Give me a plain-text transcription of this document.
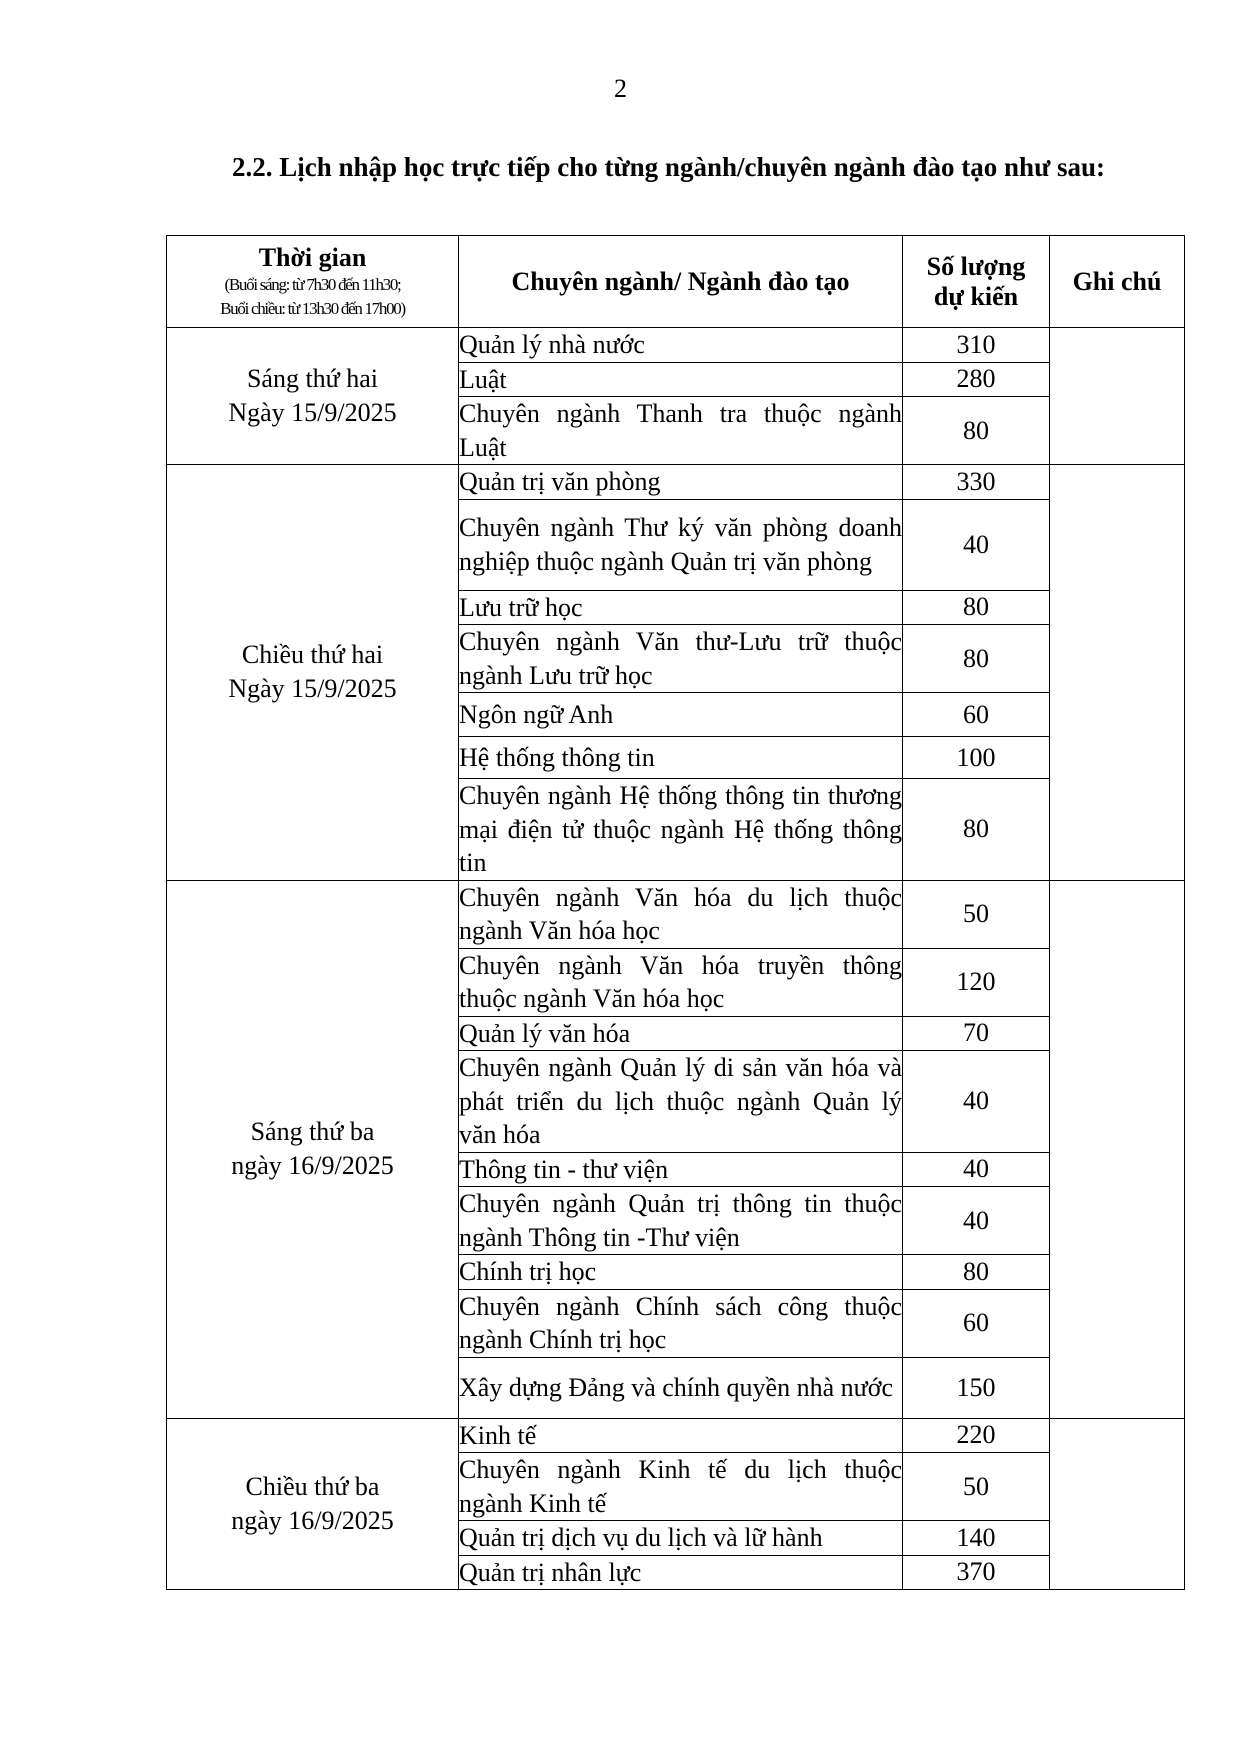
2
2.2. Lịch nhập học trực tiếp cho từng ngành/chuyên ngành đào tạo như sau:
Thời gian
(Buổi sáng: từ 7h30 đến 11h30;
Buổi chiều: từ 13h30 đến 17h00)	Chuyên ngành/ Ngành đào tạo	Số lượng
dự kiến	Ghi chú

Sáng thứ hai
Ngày 15/9/2025	Quản lý nhà nước	310	
	Luật	280	
	Chuyên ngành Thanh tra thuộc ngành Luật	80	

Chiều thứ hai
Ngày 15/9/2025	Quản trị văn phòng	330	
	Chuyên ngành Thư ký văn phòng doanh nghiệp thuộc ngành Quản trị văn phòng	40	
	Lưu trữ học	80	
	Chuyên ngành Văn thư-Lưu trữ thuộc ngành Lưu trữ học	80	
	Ngôn ngữ Anh	60	
	Hệ thống thông tin	100	
	Chuyên ngành Hệ thống thông tin thương mại điện tử thuộc ngành Hệ thống thông tin	80	

Sáng thứ ba
ngày 16/9/2025	Chuyên ngành Văn hóa du lịch thuộc ngành Văn hóa học	50	
	Chuyên ngành Văn hóa truyền thông thuộc ngành Văn hóa học	120	
	Quản lý văn hóa	70	
	Chuyên ngành Quản lý di sản văn hóa và phát triển du lịch thuộc ngành Quản lý văn hóa	40	
	Thông tin - thư viện	40	
	Chuyên ngành Quản trị thông tin thuộc ngành Thông tin -Thư viện	40	
	Chính trị học	80	
	Chuyên ngành Chính sách công thuộc ngành Chính trị học	60	
	Xây dựng Đảng và chính quyền nhà nước	150	

Chiều thứ ba
ngày 16/9/2025	Kinh tế	220	
	Chuyên ngành Kinh tế du lịch thuộc ngành Kinh tế	50	
	Quản trị dịch vụ du lịch và lữ hành	140	
	Quản trị nhân lực	370	
